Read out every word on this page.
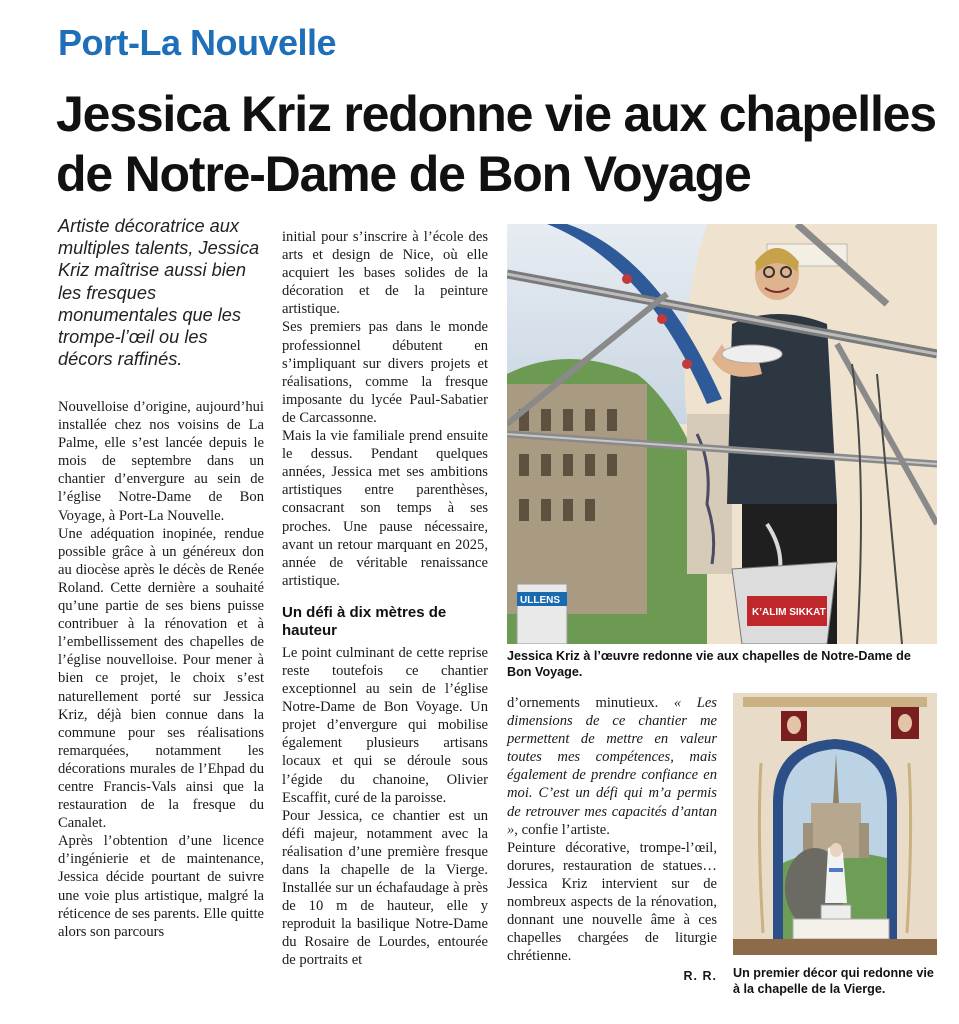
Port-La Nouvelle
Jessica Kriz redonne vie aux chapelles de Notre-Dame de Bon Voyage

Artiste décoratrice aux multiples talents, Jessica Kriz maîtrise aussi bien les fresques monumentales que les trompe-l’œil ou les décors raffinés.

Nouvelloise d’origine, aujourd’hui installée chez nos voisins de La Palme, elle s’est lancée depuis le mois de septembre dans un chantier d’envergure au sein de l’église Notre-Dame de Bon Voyage, à Port-La Nouvelle.

Une adéquation inopinée, rendue possible grâce à un généreux don au diocèse après le décès de Renée Roland. Cette dernière a souhaité qu’une partie de ses biens puisse contribuer à la rénovation et à l’embellissement des chapelles de l’église nouvelloise. Pour mener à bien ce projet, le choix s’est naturellement porté sur Jessica Kriz, déjà bien connue dans la commune pour ses réalisations remarquées, notamment les décorations murales de l’Ehpad du centre Francis-Vals ainsi que la restauration de la fresque du Canalet.

Après l’obtention d’une licence d’ingénierie et de maintenance, Jessica décide pourtant de suivre une voie plus artistique, malgré la réticence de ses parents. Elle quitte alors son parcours

initial pour s’inscrire à l’école des arts et design de Nice, où elle acquiert les bases solides de la décoration et de la peinture artistique.

Ses premiers pas dans le monde professionnel débutent en s’impliquant sur divers projets et réalisations, comme la fresque imposante du lycée Paul-Sabatier de Carcassonne.

Mais la vie familiale prend ensuite le dessus. Pendant quelques années, Jessica met ses ambitions artistiques entre parenthèses, consacrant son temps à ses proches. Une pause nécessaire, avant un retour marquant en 2025, année de véritable renaissance artistique.

Un défi à dix mètres de hauteur

Le point culminant de cette reprise reste toutefois ce chantier exceptionnel au sein de l’église Notre-Dame de Bon Voyage. Un projet d’envergure qui mobilise également plusieurs artisans locaux et qui se déroule sous l’égide du chanoine, Olivier Escaffit, curé de la paroisse.

Pour Jessica, ce chantier est un défi majeur, notamment avec la réalisation d’une première fresque dans la chapelle de la Vierge. Installée sur un échafaudage à près de 10 m de hauteur, elle y reproduit la basilique Notre-Dame du Rosaire de Lourdes, entourée de portraits et

d’ornements minutieux. « Les dimensions de ce chantier me permettent de mettre en valeur toutes mes compétences, mais également de prendre confiance en moi. C’est un défi qui m’a permis de retrouver mes capacités d’antan », confie l’artiste.

Peinture décorative, trompe-l’œil, dorures, restauration de statues… Jessica Kriz intervient sur de nombreux aspects de la rénovation, donnant une nouvelle âme à ces chapelles chargées de liturgie chrétienne.

R. R.
ULLENS
K’ALIM SIKKAT

Jessica Kriz à l’œuvre redonne vie aux chapelles de Notre-Dame de Bon Voyage.

Un premier décor qui redonne vie à la chapelle de la Vierge.
